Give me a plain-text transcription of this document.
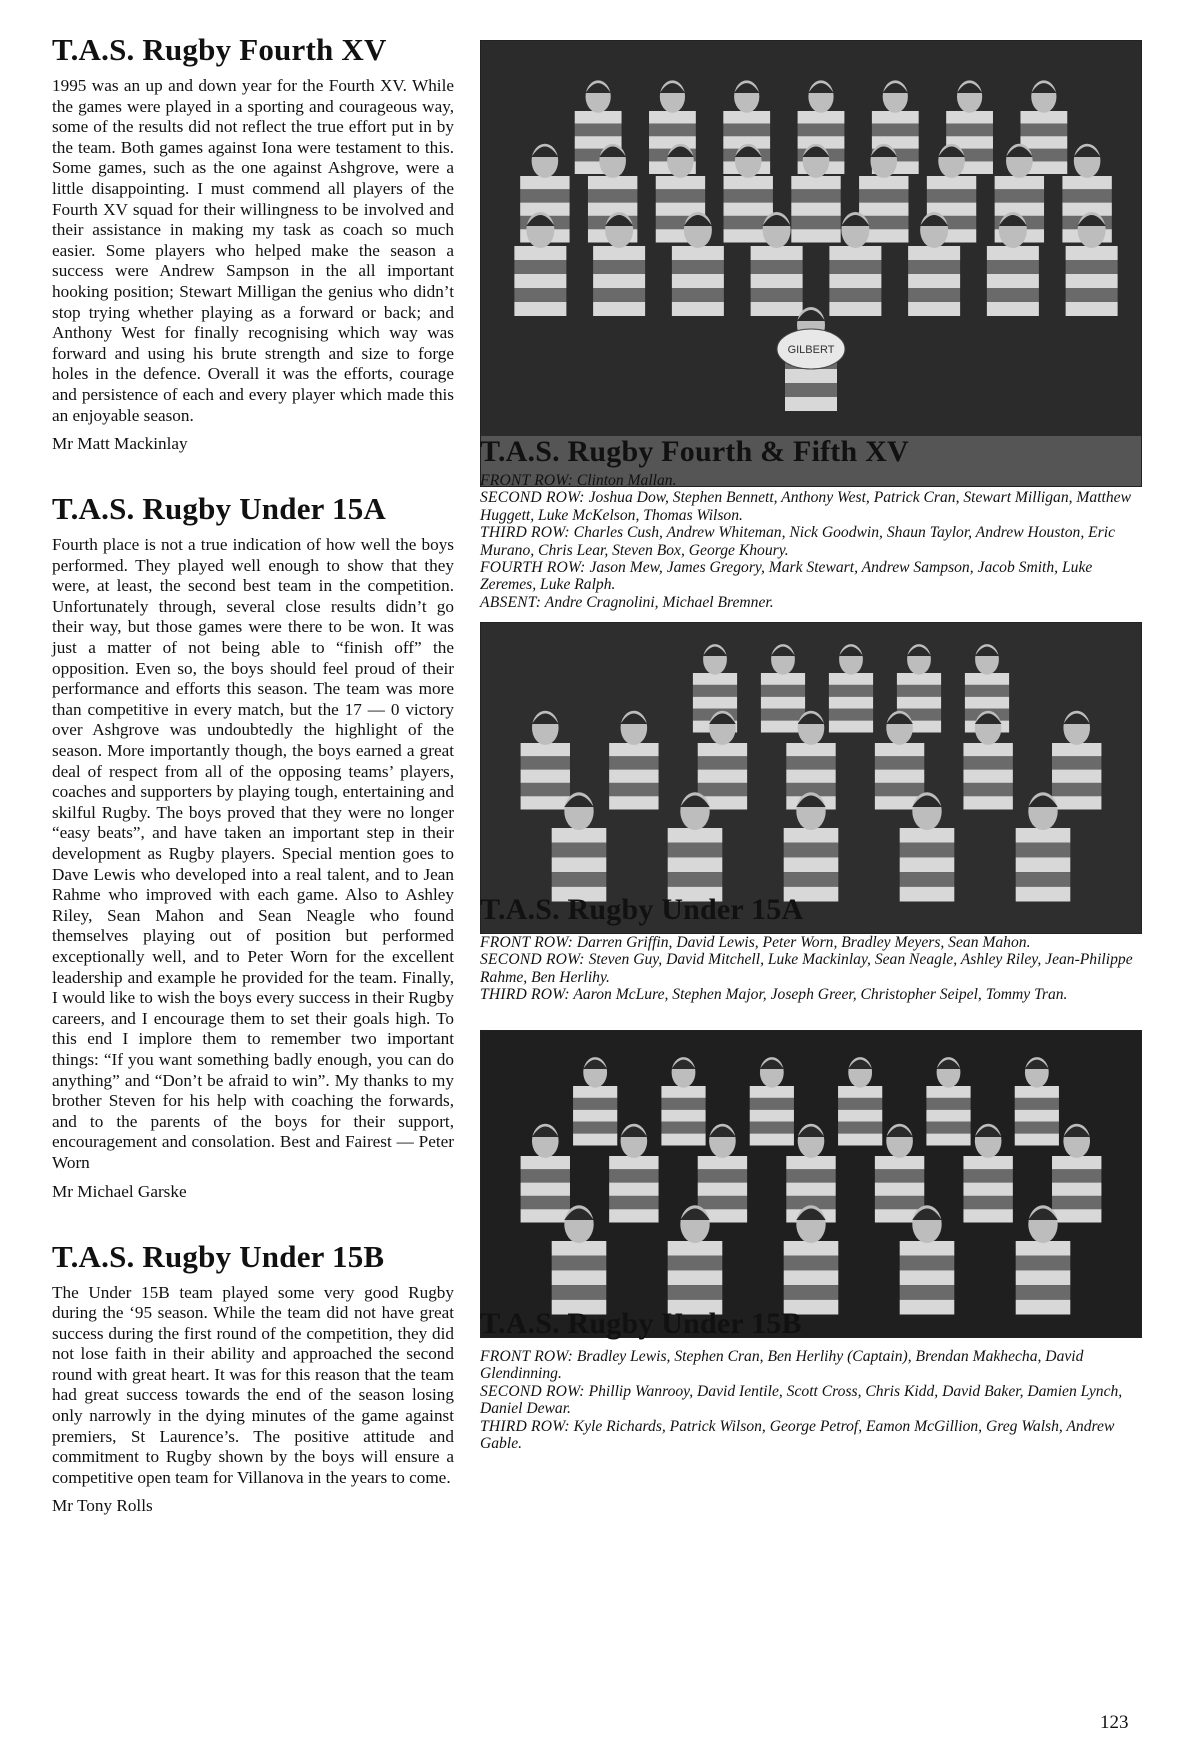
T.A.S. Rugby Fourth XV

1995 was an up and down year for the Fourth XV. While the games were played in a sporting and courageous way, some of the results did not reflect the true effort put in by the team. Both games against Iona were testament to this. Some games, such as the one against Ashgrove, were a little disappointing. I must commend all players of the Fourth XV squad for their willingness to be involved and their assistance in making my task as coach so much easier. Some players who helped make the season a success were Andrew Sampson in the all important hooking position; Stewart Milligan the genius who didn’t stop trying whether playing as a forward or back; and Anthony West for finally recognising which way was forward and using his brute strength and size to forge holes in the defence. Overall it was the efforts, courage and persistence of each and every player which made this an enjoyable season.

Mr Matt Mackinlay
T.A.S. Rugby Under 15A

Fourth place is not a true indication of how well the boys performed. They played well enough to show that they were, at least, the second best team in the competition. Unfortunately through, several close results didn’t go their way, but those games were there to be won. It was just a matter of not being able to “finish off” the opposition. Even so, the boys should feel proud of their performance and efforts this season. The team was more than competitive in every match, but the 17 — 0 victory over Ashgrove was undoubtedly the highlight of the season. More importantly though, the boys earned a great deal of respect from all of the opposing teams’ players, coaches and supporters by playing tough, entertaining and skilful Rugby. The boys proved that they were no longer “easy beats”, and have taken an important step in their development as Rugby players. Special mention goes to Dave Lewis who developed into a real talent, and to Jean Rahme who improved with each game. Also to Ashley Riley, Sean Mahon and Sean Neagle who found themselves playing out of position but performed exceptionally well, and to Peter Worn for the excellent leadership and example he provided for the team. Finally, I would like to wish the boys every success in their Rugby careers, and I encourage them to set their goals high. To this end I implore them to remember two important things: “If you want something badly enough, you can do anything” and “Don’t be afraid to win”. My thanks to my brother Steven for his help with coaching the forwards, and to the parents of the boys for their support, encouragement and consolation. Best and Fairest — Peter Worn

Mr Michael Garske
T.A.S. Rugby Under 15B

The Under 15B team played some very good Rugby during the ‘95 season. While the team did not have great success during the first round of the competition, they did not lose faith in their ability and approached the second round with great heart. It was for this reason that the team had great success towards the end of the season losing only narrowly in the dying minutes of the game against premiers, St Laurence’s. The positive attitude and commitment to Rugby shown by the boys will ensure a competitive open team for Villanova in the years to come.

Mr Tony Rolls
GILBERT
T.A.S. Rugby Fourth & Fifth XV
FRONT ROW: Clinton Mallan.
SECOND ROW: Joshua Dow, Stephen Bennett, Anthony West, Patrick Cran, Stewart Milligan, Matthew Huggett, Luke McKelson, Thomas Wilson.
THIRD ROW: Charles Cush, Andrew Whiteman, Nick Goodwin, Shaun Taylor, Andrew Houston, Eric Murano, Chris Lear, Steven Box, George Khoury.
FOURTH ROW: Jason Mew, James Gregory, Mark Stewart, Andrew Sampson, Jacob Smith, Luke Zeremes, Luke Ralph.
ABSENT: Andre Cragnolini, Michael Bremner.
T.A.S. Rugby Under 15A
FRONT ROW: Darren Griffin, David Lewis, Peter Worn, Bradley Meyers, Sean Mahon.
SECOND ROW: Steven Guy, David Mitchell, Luke Mackinlay, Sean Neagle, Ashley Riley, Jean-Philippe Rahme, Ben Herlihy.
THIRD ROW: Aaron McLure, Stephen Major, Joseph Greer, Christopher Seipel, Tommy Tran.
T.A.S. Rugby Under 15B
FRONT ROW: Bradley Lewis, Stephen Cran, Ben Herlihy (Captain), Brendan Makhecha, David Glendinning.
SECOND ROW: Phillip Wanrooy, David Ientile, Scott Cross, Chris Kidd, David Baker, Damien Lynch, Daniel Dewar.
THIRD ROW: Kyle Richards, Patrick Wilson, George Petrof, Eamon McGillion, Greg Walsh, Andrew Gable.
123
